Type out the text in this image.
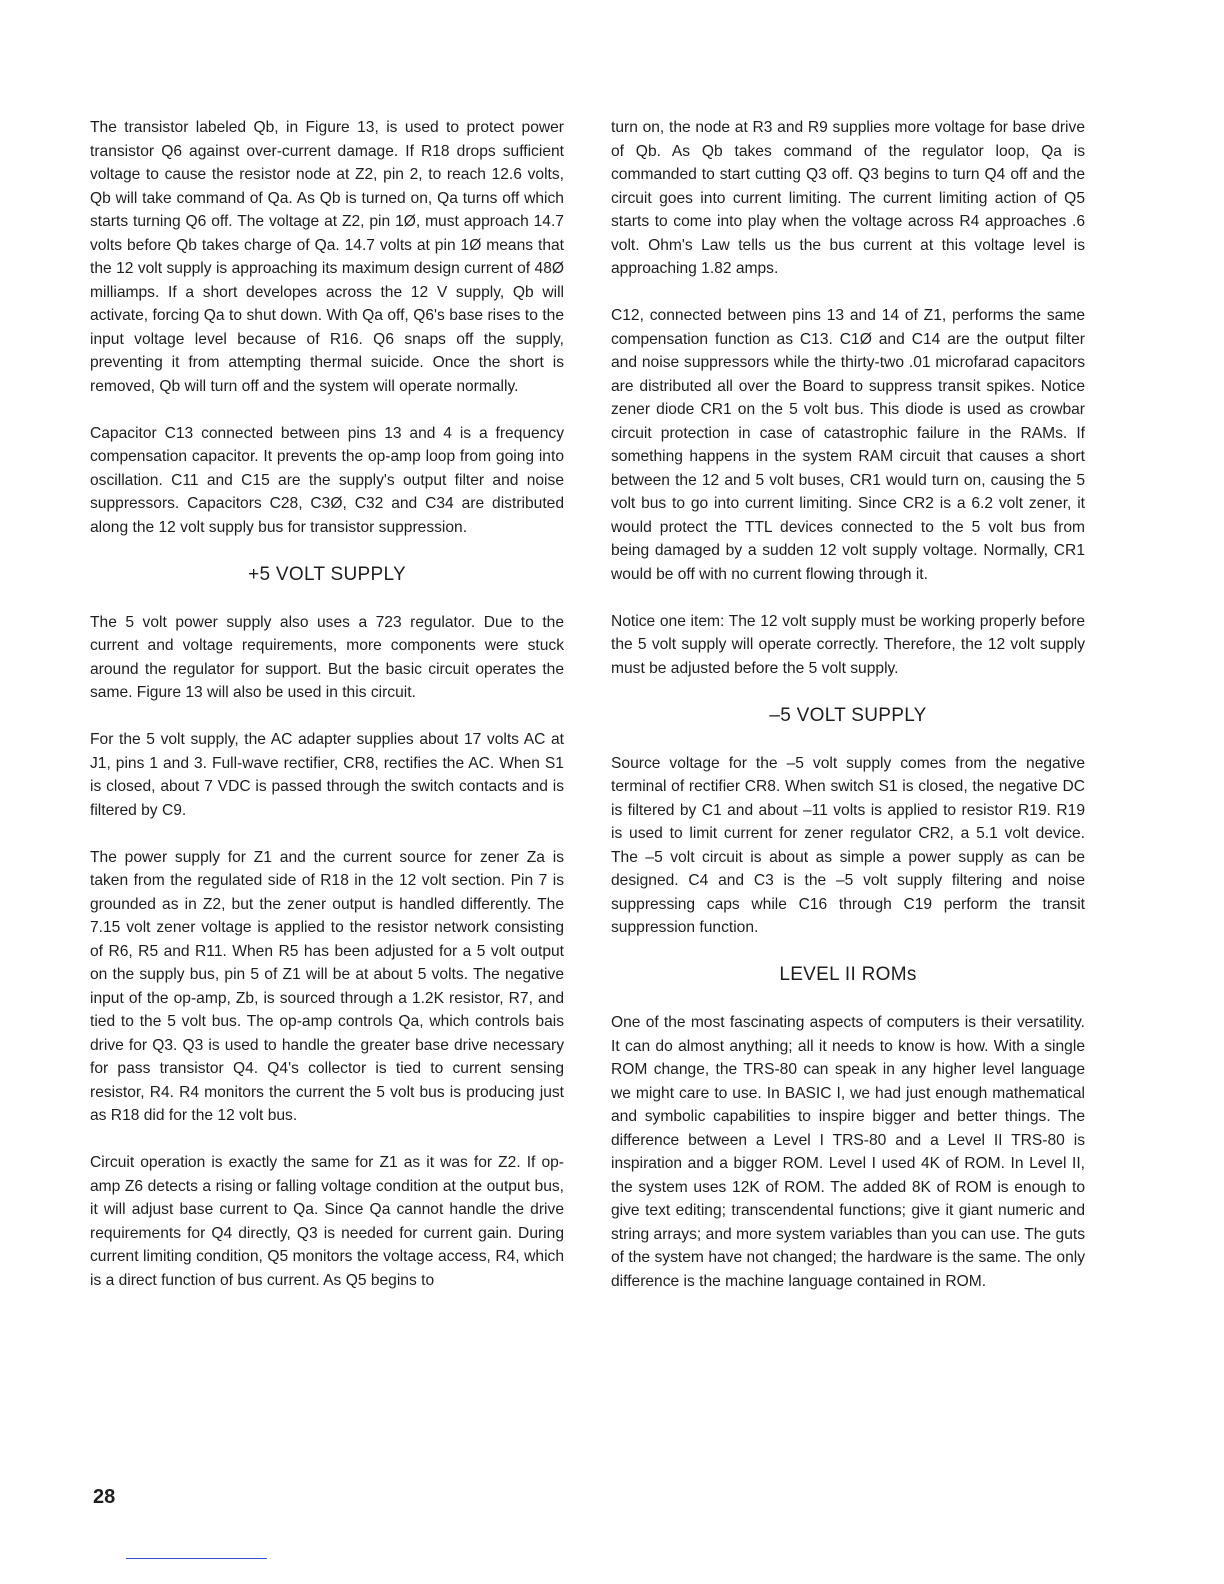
The transistor labeled Qb, in Figure 13, is used to protect power transistor Q6 against over-current damage. If R18 drops sufficient voltage to cause the resistor node at Z2, pin 2, to reach 12.6 volts, Qb will take command of Qa. As Qb is turned on, Qa turns off which starts turning Q6 off. The voltage at Z2, pin 1Ø, must approach 14.7 volts before Qb takes charge of Qa. 14.7 volts at pin 1Ø means that the 12 volt supply is approaching its maximum design current of 48Ø milliamps. If a short developes across the 12 V supply, Qb will activate, forcing Qa to shut down. With Qa off, Q6's base rises to the input voltage level because of R16. Q6 snaps off the supply, preventing it from attempting thermal suicide. Once the short is removed, Qb will turn off and the system will operate normally.

Capacitor C13 connected between pins 13 and 4 is a frequency compensation capacitor. It prevents the op-amp loop from going into oscillation. C11 and C15 are the supply's output filter and noise suppressors. Capacitors C28, C3Ø, C32 and C34 are distributed along the 12 volt supply bus for transistor suppression.

+5 VOLT SUPPLY

The 5 volt power supply also uses a 723 regulator. Due to the current and voltage requirements, more components were stuck around the regulator for support. But the basic circuit operates the same. Figure 13 will also be used in this circuit.

For the 5 volt supply, the AC adapter supplies about 17 volts AC at J1, pins 1 and 3. Full-wave rectifier, CR8, rectifies the AC. When S1 is closed, about 7 VDC is passed through the switch contacts and is filtered by C9.

The power supply for Z1 and the current source for zener Za is taken from the regulated side of R18 in the 12 volt section. Pin 7 is grounded as in Z2, but the zener output is handled differently. The 7.15 volt zener voltage is applied to the resistor network consisting of R6, R5 and R11. When R5 has been adjusted for a 5 volt output on the supply bus, pin 5 of Z1 will be at about 5 volts. The negative input of the op-amp, Zb, is sourced through a 1.2K resistor, R7, and tied to the 5 volt bus. The op-amp controls Qa, which controls bais drive for Q3. Q3 is used to handle the greater base drive necessary for pass transistor Q4. Q4's collector is tied to current sensing resistor, R4. R4 monitors the current the 5 volt bus is producing just as R18 did for the 12 volt bus.

Circuit operation is exactly the same for Z1 as it was for Z2. If op-amp Z6 detects a rising or falling voltage condition at the output bus, it will adjust base current to Qa. Since Qa cannot handle the drive requirements for Q4 directly, Q3 is needed for current gain. During current limiting condition, Q5 monitors the voltage access, R4, which is a direct function of bus current. As Q5 begins to

turn on, the node at R3 and R9 supplies more voltage for base drive of Qb. As Qb takes command of the regulator loop, Qa is commanded to start cutting Q3 off. Q3 begins to turn Q4 off and the circuit goes into current limiting. The current limiting action of Q5 starts to come into play when the voltage across R4 approaches .6 volt. Ohm's Law tells us the bus current at this voltage level is approaching 1.82 amps.

C12, connected between pins 13 and 14 of Z1, performs the same compensation function as C13. C1Ø and C14 are the output filter and noise suppressors while the thirty-two .01 microfarad capacitors are distributed all over the Board to suppress transit spikes. Notice zener diode CR1 on the 5 volt bus. This diode is used as crowbar circuit protection in case of catastrophic failure in the RAMs. If something happens in the system RAM circuit that causes a short between the 12 and 5 volt buses, CR1 would turn on, causing the 5 volt bus to go into current limiting. Since CR2 is a 6.2 volt zener, it would protect the TTL devices connected to the 5 volt bus from being damaged by a sudden 12 volt supply voltage. Normally, CR1 would be off with no current flowing through it.

Notice one item: The 12 volt supply must be working properly before the 5 volt supply will operate correctly. Therefore, the 12 volt supply must be adjusted before the 5 volt supply.

–5 VOLT SUPPLY

Source voltage for the –5 volt supply comes from the negative terminal of rectifier CR8. When switch S1 is closed, the negative DC is filtered by C1 and about –11 volts is applied to resistor R19. R19 is used to limit current for zener regulator CR2, a 5.1 volt device. The –5 volt circuit is about as simple a power supply as can be designed. C4 and C3 is the –5 volt supply filtering and noise suppressing caps while C16 through C19 perform the transit suppression function.

LEVEL II ROMs

One of the most fascinating aspects of computers is their versatility. It can do almost anything; all it needs to know is how. With a single ROM change, the TRS-80 can speak in any higher level language we might care to use. In BASIC I, we had just enough mathematical and symbolic capabilities to inspire bigger and better things. The difference between a Level I TRS-80 and a Level II TRS-80 is inspiration and a bigger ROM. Level I used 4K of ROM. In Level II, the system uses 12K of ROM. The added 8K of ROM is enough to give text editing; transcendental functions; give it giant numeric and string arrays; and more system variables than you can use. The guts of the system have not changed; the hardware is the same. The only difference is the machine language contained in ROM.

28
